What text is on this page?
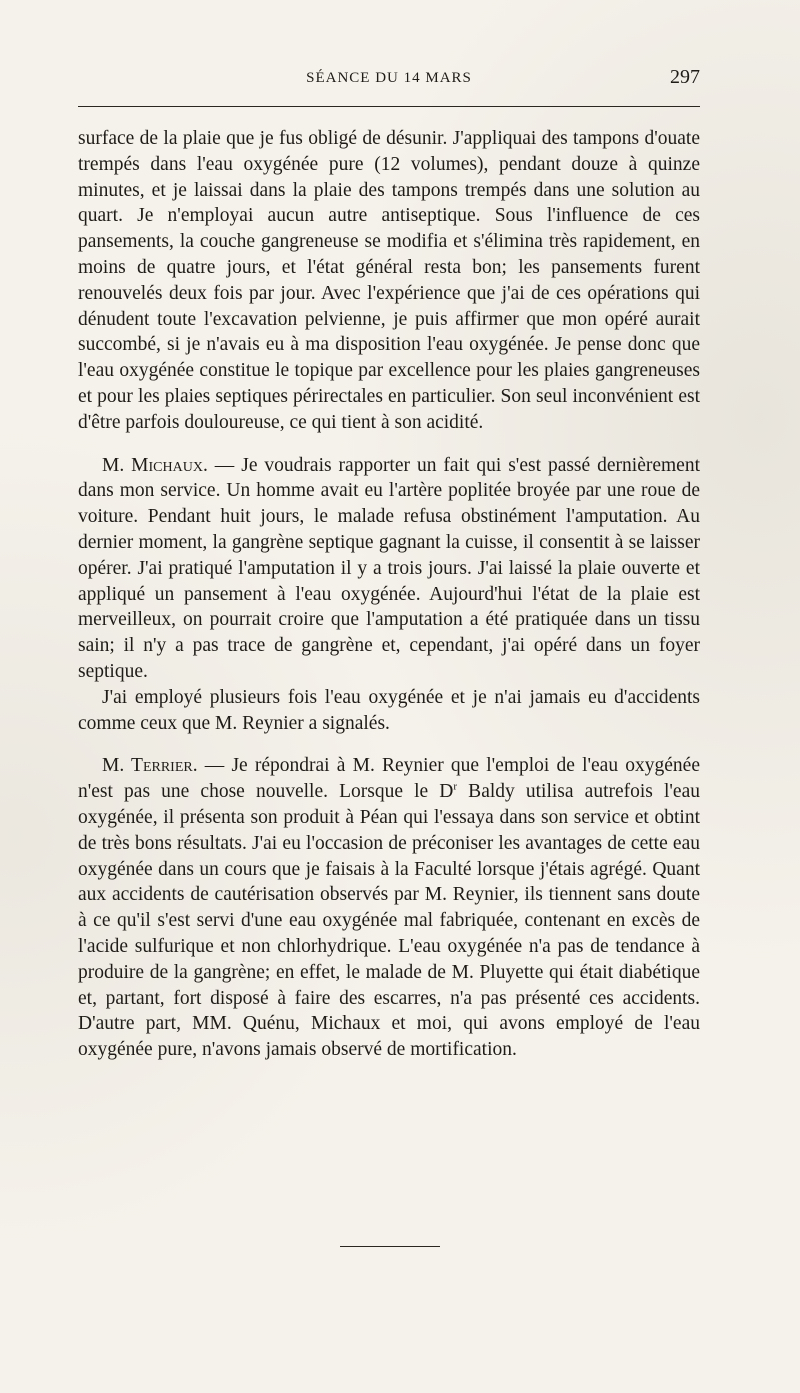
SÉANCE DU 14 MARS	297

surface de la plaie que je fus obligé de désunir. J'appliquai des tampons d'ouate trempés dans l'eau oxygénée pure (12 volumes), pendant douze à quinze minutes, et je laissai dans la plaie des tampons trempés dans une solution au quart. Je n'employai aucun autre antiseptique. Sous l'influence de ces pansements, la couche gangreneuse se modifia et s'élimina très rapidement, en moins de quatre jours, et l'état général resta bon; les pansements furent renouvelés deux fois par jour. Avec l'expérience que j'ai de ces opérations qui dénudent toute l'excavation pelvienne, je puis affirmer que mon opéré aurait succombé, si je n'avais eu à ma disposition l'eau oxygénée. Je pense donc que l'eau oxygénée constitue le topique par excellence pour les plaies gangreneuses et pour les plaies septiques périrectales en particulier. Son seul inconvénient est d'être parfois douloureuse, ce qui tient à son acidité.

M. Michaux. — Je voudrais rapporter un fait qui s'est passé dernièrement dans mon service. Un homme avait eu l'artère poplitée broyée par une roue de voiture. Pendant huit jours, le malade refusa obstinément l'amputation. Au dernier moment, la gangrène septique gagnant la cuisse, il consentit à se laisser opérer. J'ai pratiqué l'amputation il y a trois jours. J'ai laissé la plaie ouverte et appliqué un pansement à l'eau oxygénée. Aujourd'hui l'état de la plaie est merveilleux, on pourrait croire que l'amputation a été pratiquée dans un tissu sain; il n'y a pas trace de gangrène et, cependant, j'ai opéré dans un foyer septique.

J'ai employé plusieurs fois l'eau oxygénée et je n'ai jamais eu d'accidents comme ceux que M. Reynier a signalés.

M. Terrier. — Je répondrai à M. Reynier que l'emploi de l'eau oxygénée n'est pas une chose nouvelle. Lorsque le $D^r$ Baldy utilisa autrefois l'eau oxygénée, il présenta son produit à Péan qui l'essaya dans son service et obtint de très bons résultats. J'ai eu l'occasion de préconiser les avantages de cette eau oxygénée dans un cours que je faisais à la Faculté lorsque j'étais agrégé. Quant aux accidents de cautérisation observés par M. Reynier, ils tiennent sans doute à ce qu'il s'est servi d'une eau oxygénée mal fabriquée, contenant en excès de l'acide sulfurique et non chlorhydrique. L'eau oxygénée n'a pas de tendance à produire de la gangrène; en effet, le malade de M. Pluyette qui était diabétique et, partant, fort disposé à faire des escarres, n'a pas présenté ces accidents. D'autre part, MM. Quénu, Michaux et moi, qui avons employé de l'eau oxygénée pure, n'avons jamais observé de mortification.
